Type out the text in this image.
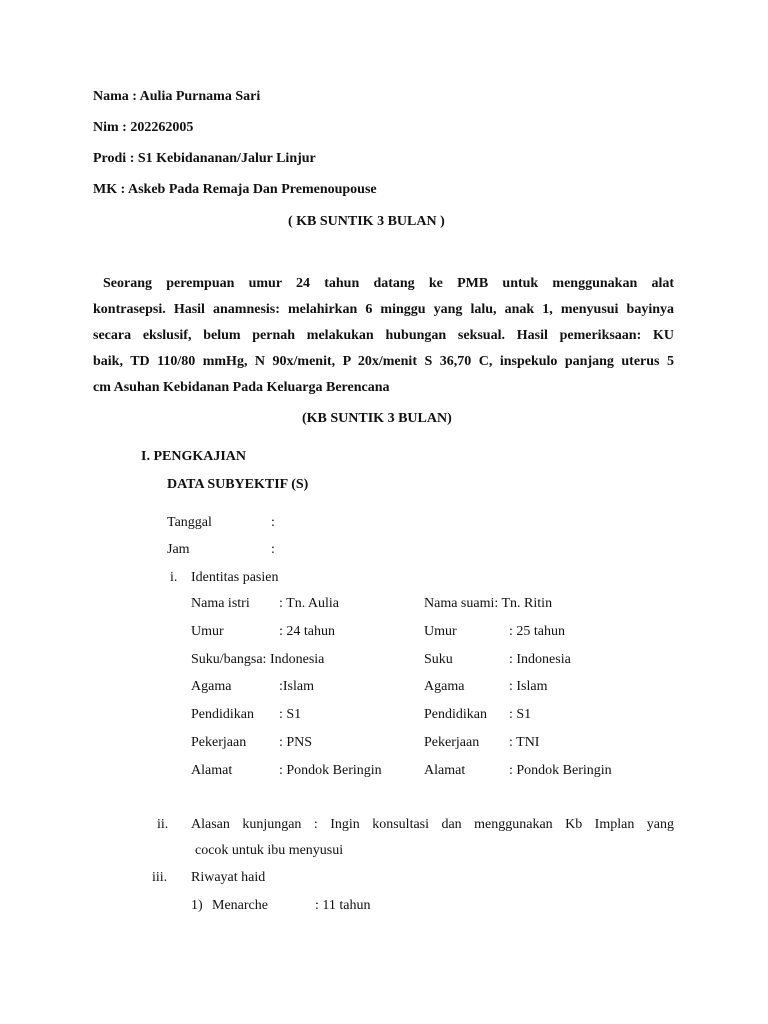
Nama : Aulia Purnama Sari
Nim : 202262005
Prodi : S1 Kebidananan/Jalur Linjur
MK : Askeb Pada Remaja Dan Premenoupouse
( KB SUNTIK 3 BULAN )
Seorang perempuan umur 24 tahun datang ke PMB untuk menggunakan alat
kontrasepsi. Hasil anamnesis: melahirkan 6 minggu yang lalu, anak 1, menyusui bayinya
secara ekslusif, belum pernah melakukan hubungan seksual. Hasil pemeriksaan: KU
baik, TD 110/80 mmHg, N 90x/menit, P 20x/menit S 36,70 C, inspekulo panjang uterus 5
cm Asuhan Kebidanan Pada Keluarga Berencana
(KB SUNTIK 3 BULAN)
I. PENGKAJIAN
DATA SUBYEKTIF (S)
Tanggal	:
Jam	:
i. Identitas pasien
Nama istri : Tn. Aulia	Nama suami: Tn. Ritin
Umur	: 24 tahun	Umur	: 25 tahun
Suku/bangsa: Indonesia	Suku	: Indonesia
Agama	:Islam	Agama	: Islam
Pendidikan : S1	Pendidikan : S1
Pekerjaan : PNS	Pekerjaan : TNI
Alamat	: Pondok Beringin	Alamat	: Pondok Beringin
ii. Alasan kunjungan : Ingin konsultasi dan menggunakan Kb Implan yang
cocok untuk ibu menyusui
iii. Riwayat haid
1) Menarche	: 11 tahun
